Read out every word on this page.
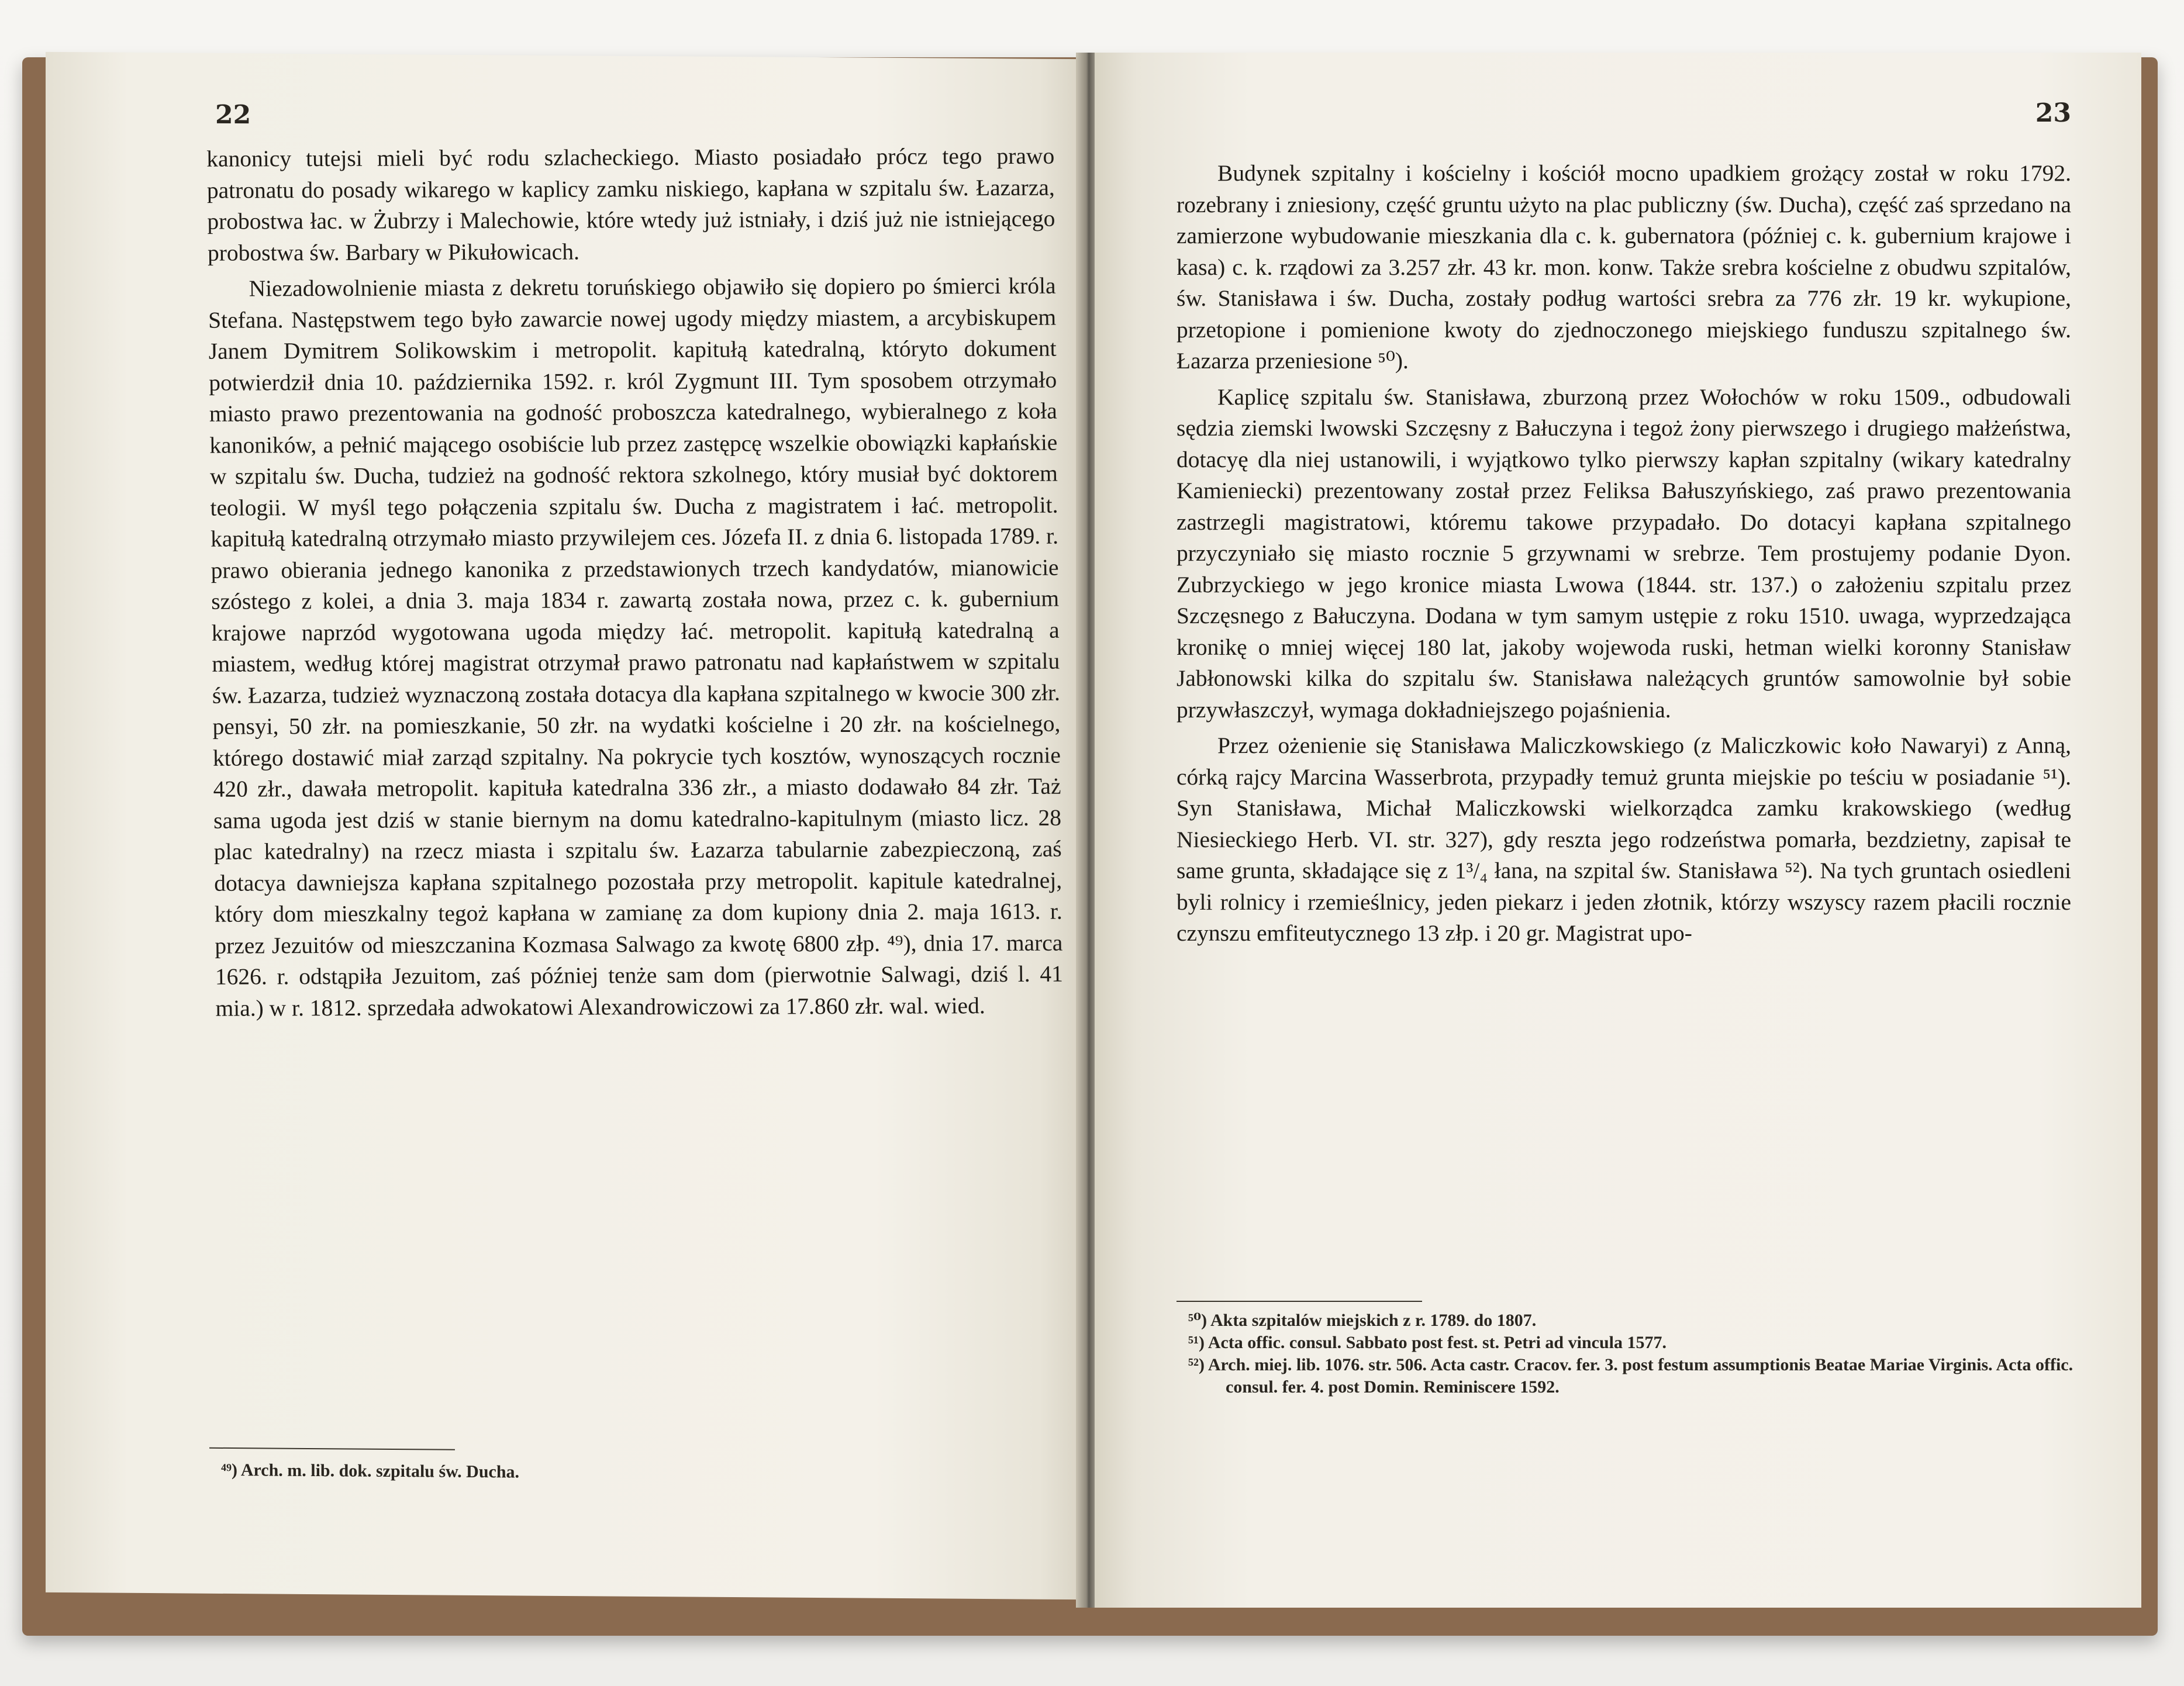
22

kanonicy tutejsi mieli być rodu szlacheckiego. Miasto posiadało prócz tego prawo patronatu do posady wikarego w kaplicy zamku niskiego, kapłana w szpitalu św. Łazarza, probostwa łac. w Żubrzy i Malechowie, które wtedy już istniały, i dziś już nie istniejącego probostwa św. Barbary w Pikułowicach.

Niezadowolnienie miasta z dekretu toruńskiego objawiło się dopiero po śmierci króla Stefana. Następstwem tego było zawarcie nowej ugody między miastem, a arcybiskupem Janem Dymitrem Solikowskim i metropolit. kapitułą katedralną, którytο dokument potwierdził dnia 10. października 1592. r. król Zygmunt III. Tym sposobem otrzymało miasto prawo prezentowania na godność proboszcza katedralnego, wybieralnego z koła kanoników, a pełnić mającego osobiście lub przez zastępcę wszelkie obowiązki kapłańskie w szpitalu św. Ducha, tudzież na godność rektora szkolnego, który musiał być doktorem teologii. W myśl tego połączenia szpitalu św. Ducha z magistratem i łać. metropolit. kapitułą katedralną otrzymało miasto przywilejem ces. Józefa II. z dnia 6. listopada 1789. r. prawo obierania jednego kanonika z przedstawionych trzech kandydatów, mianowicie szóstego z kolei, a dnia 3. maja 1834 r. zawartą została nowa, przez c. k. gubernium krajowe naprzód wygotowana ugoda między łać. metropolit. kapitułą katedralną a miastem, według której magistrat otrzymał prawo patronatu nad kapłaństwem w szpitalu św. Łazarza, tudzież wyznaczoną została dotacya dla kapłana szpitalnego w kwocie 300 złr. pensyi, 50 złr. na pomieszkanie, 50 złr. na wydatki kościelne i 20 złr. na kościelnego, którego dostawić miał zarząd szpitalny. Na pokrycie tych kosztów, wynoszących rocznie 420 złr., dawała metropolit. kapituła katedralna 336 złr., a miasto dodawało 84 złr. Taż sama ugoda jest dziś w stanie biernym na domu katedralno-kapitulnym (miasto licz. 28 plac katedralny) na rzecz miasta i szpitalu św. Łazarza tabularnie zabezpieczoną, zaś dotacya dawniejsza kapłana szpitalnego pozostała przy metropolit. kapitule katedralnej, który dom mieszkalny tegoż kapłana w zamianę za dom kupiony dnia 2. maja 1613. r. przez Jezuitów od mieszczanina Kozmasa Salwago za kwotę 6800 złp. ⁴⁹), dnia 17. marca 1626. r. odstąpiła Jezuitom, zaś później tenże sam dom (pierwotnie Salwagi, dziś l. 41 mia.) w r. 1812. sprzedała adwokatowi Alexandrowiczowi za 17.860 złr. wal. wied.

⁴⁹) Arch. m. lib. dok. szpitalu św. Ducha.
23

Budynek szpitalny i kościelny i kościół mocno upadkiem grożący został w roku 1792. rozebrany i zniesiony, część gruntu użyto na plac publiczny (św. Ducha), część zaś sprzedano na zamierzone wybudowanie mieszkania dla c. k. gubernatora (później c. k. gubernium krajowe i kasa) c. k. rządowi za 3.257 złr. 43 kr. mon. konw. Także srebra kościelne z obudwu szpitalów, św. Stanisława i św. Ducha, zostały podług wartości srebra za 776 złr. 19 kr. wykupione, przetopione i pomienione kwoty do zjednoczonego miejskiego funduszu szpitalnego św. Łazarza przeniesione ⁵⁰).

Kaplicę szpitalu św. Stanisława, zburzoną przez Wołochów w roku 1509., odbudowali sędzia ziemski lwowski Szczęsny z Bałuczyna i tegoż żony pierwszego i drugiego małżeństwa, dotacyę dla niej ustanowili, i wyjątkowo tylko pierwszy kapłan szpitalny (wikary katedralny Kamieniecki) prezentowany został przez Feliksa Bałuszyńskiego, zaś prawo prezentowania zastrzegli magistratowi, któremu takowe przypadało. Do dotacyi kapłana szpitalnego przyczyniało się miasto rocznie 5 grzywnami w srebrze. Tem prostujemy podanie Dyon. Zubrzyckiego w jego kronice miasta Lwowa (1844. str. 137.) o założeniu szpitalu przez Szczęsnego z Bałuczyna. Dodana w tym samym ustępie z roku 1510. uwaga, wyprzedzająca kronikę o mniej więcej 180 lat, jakoby wojewoda ruski, hetman wielki koronny Stanisław Jabłonowski kilka do szpitalu św. Stanisława należących gruntów samowolnie był sobie przywłaszczył, wymaga dokładniejszego pojaśnienia.

Przez ożenienie się Stanisława Maliczkowskiego (z Maliczkowic koło Nawaryi) z Anną, córką rajcy Marcina Wasserbrota, przypadły temuż grunta miejskie po teściu w posiadanie ⁵¹). Syn Stanisława, Michał Maliczkowski wielkorządca zamku krakowskiego (według Niesieckiego Herb. VI. str. 327), gdy reszta jego rodzeństwa pomarła, bezdzietny, zapisał te same grunta, składające się z 1³/₄ łana, na szpital św. Stanisława ⁵²). Na tych gruntach osiedleni byli rolnicy i rzemieślnicy, jeden piekarz i jeden złotnik, którzy wszyscy razem płacili rocznie czynszu emfiteutycznego 13 złp. i 20 gr. Magistrat upo-

⁵⁰) Akta szpitalów miejskich z r. 1789. do 1807.
⁵¹) Acta offic. consul. Sabbato post fest. st. Petri ad vincula 1577.
⁵²) Arch. miej. lib. 1076. str. 506. Acta castr. Cracov. fer. 3. post festum assumptionis Beatae Mariae Virginis. Acta offic. consul. fer. 4. post Domin. Reminiscere 1592.
